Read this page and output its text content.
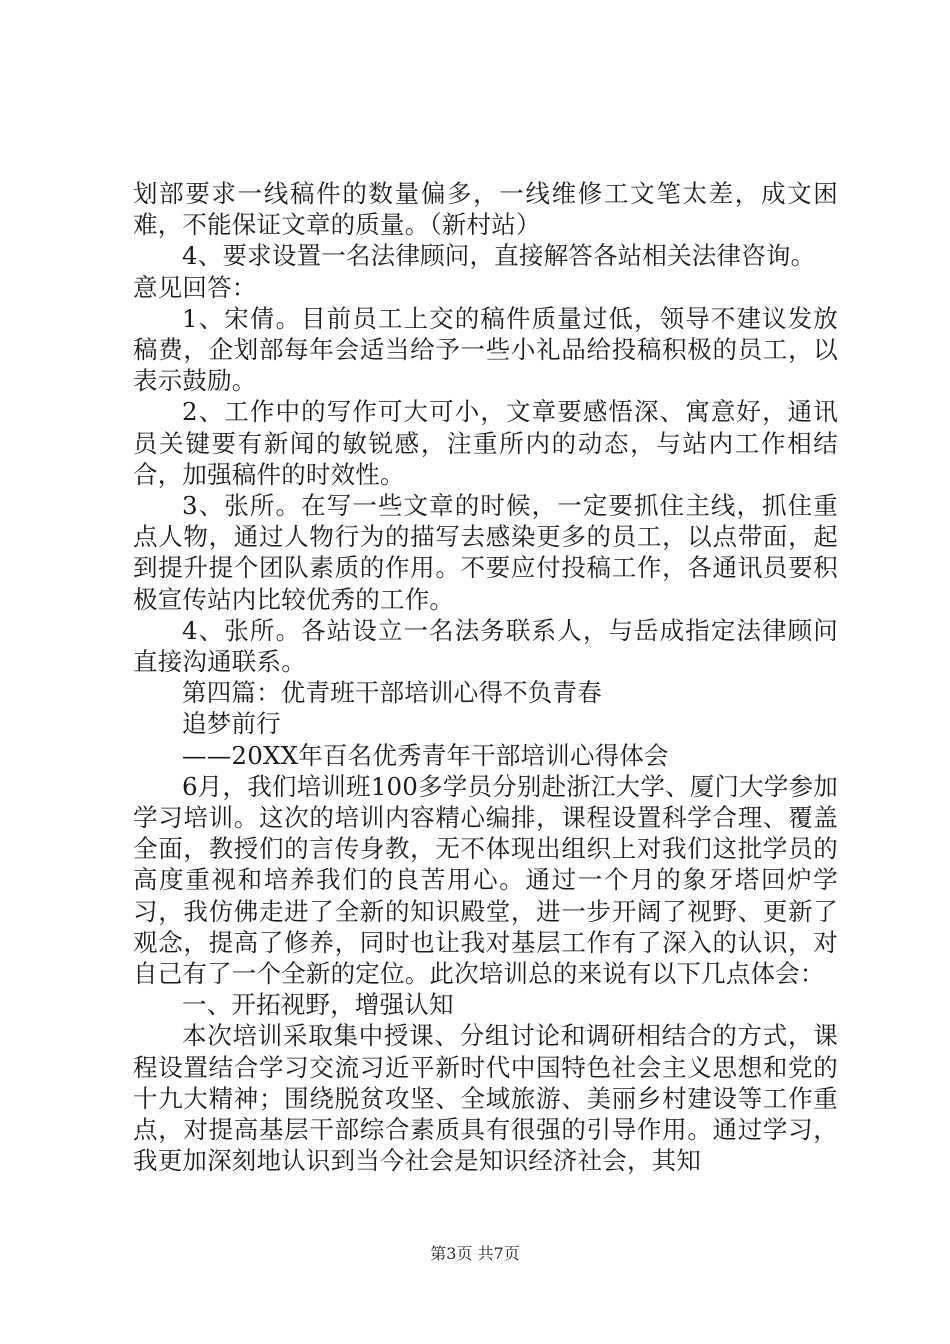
划部要求一线稿件的数量偏多，一线维修工文笔太差，成文困难，不能保证文章的质量。（新村站）

4、要求设置一名法律顾问，直接解答各站相关法律咨询。

意见回答：

1、宋倩。目前员工上交的稿件质量过低，领导不建议发放稿费，企划部每年会适当给予一些小礼品给投稿积极的员工，以表示鼓励。

2、工作中的写作可大可小，文章要感悟深、寓意好，通讯员关键要有新闻的敏锐感，注重所内的动态，与站内工作相结合，加强稿件的时效性。

3、张所。在写一些文章的时候，一定要抓住主线，抓住重点人物，通过人物行为的描写去感染更多的员工，以点带面，起到提升提个团队素质的作用。不要应付投稿工作，各通讯员要积极宣传站内比较优秀的工作。

4、张所。各站设立一名法务联系人，与岳成指定法律顾问直接沟通联系。

第四篇：优青班干部培训心得不负青春

追梦前行

——20XX年百名优秀青年干部培训心得体会

6月，我们培训班100多学员分别赴浙江大学、厦门大学参加学习培训。这次的培训内容精心编排，课程设置科学合理、覆盖全面，教授们的言传身教，无不体现出组织上对我们这批学员的高度重视和培养我们的良苦用心。通过一个月的象牙塔回炉学习，我仿佛走进了全新的知识殿堂，进一步开阔了视野、更新了观念，提高了修养，同时也让我对基层工作有了深入的认识，对自己有了一个全新的定位。此次培训总的来说有以下几点体会：

一、开拓视野，增强认知

本次培训采取集中授课、分组讨论和调研相结合的方式，课程设置结合学习交流习近平新时代中国特色社会主义思想和党的十九大精神；围绕脱贫攻坚、全域旅游、美丽乡村建设等工作重点，对提高基层干部综合素质具有很强的引导作用。通过学习，我更加深刻地认识到当今社会是知识经济社会，其知

第3页 共7页
